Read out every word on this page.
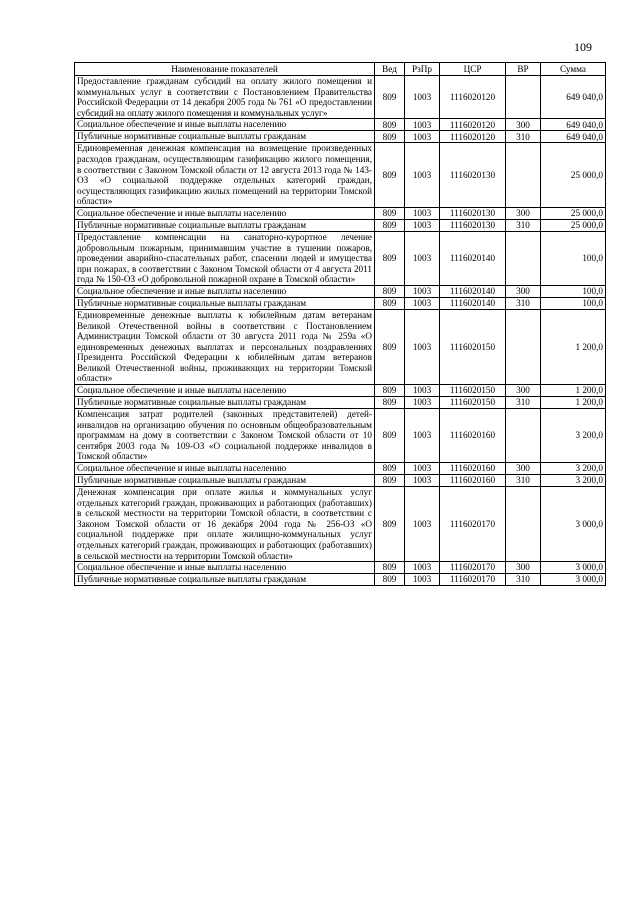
109
Наименование показателей	Вед	РзПр	ЦСР	ВР	Сумма
Предоставление гражданам субсидий на оплату жилого помещения и коммунальных услуг в соответствии с Постановлением Правительства Российской Федерации от 14 декабря 2005 года № 761 «О предоставлении субсидий на оплату жилого помещения и коммунальных услуг»	809	1003	1116020120		649 040,0
Социальное обеспечение и иные выплаты населению	809	1003	1116020120	300	649 040,0
Публичные нормативные социальные выплаты гражданам	809	1003	1116020120	310	649 040,0
Единовременная денежная компенсация на возмещение произведенных расходов гражданам, осуществляющим газификацию жилого помещения, в соответствии с Законом Томской области от 12 августа 2013 года № 143-ОЗ «О социальной поддержке отдельных категорий граждан, осуществляющих газификацию жилых помещений на территории Томской области»	809	1003	1116020130		25 000,0
Социальное обеспечение и иные выплаты населению	809	1003	1116020130	300	25 000,0
Публичные нормативные социальные выплаты гражданам	809	1003	1116020130	310	25 000,0
Предоставление компенсации на санаторно-курортное лечение добровольным пожарным, принимавшим участие в тушении пожаров, проведении аварийно-спасательных работ, спасении людей и имущества при пожарах, в соответствии с Законом Томской области от 4 августа 2011 года № 150-ОЗ «О добровольной пожарной охране в Томской области»	809	1003	1116020140		100,0
Социальное обеспечение и иные выплаты населению	809	1003	1116020140	300	100,0
Публичные нормативные социальные выплаты гражданам	809	1003	1116020140	310	100,0
Единовременные денежные выплаты к юбилейным датам ветеранам Великой Отечественной войны в соответствии с Постановлением Администрации Томской области от 30 августа 2011 года № 259а «О единовременных денежных выплатах и персональных поздравлениях Президента Российской Федерации к юбилейным датам ветеранов Великой Отечественной войны, проживающих на территории Томской области»	809	1003	1116020150		1 200,0
Социальное обеспечение и иные выплаты населению	809	1003	1116020150	300	1 200,0
Публичные нормативные социальные выплаты гражданам	809	1003	1116020150	310	1 200,0
Компенсация затрат родителей (законных представителей) детей-инвалидов на организацию обучения по основным общеобразовательным программам на дому в соответствии с Законом Томской области от 10 сентября 2003 года № 109-ОЗ «О социальной поддержке инвалидов в Томской области»	809	1003	1116020160		3 200,0
Социальное обеспечение и иные выплаты населению	809	1003	1116020160	300	3 200,0
Публичные нормативные социальные выплаты гражданам	809	1003	1116020160	310	3 200,0
Денежная компенсация при оплате жилья и коммунальных услуг отдельных категорий граждан, проживающих и работающих (работавших) в сельской местности на территории Томской области, в соответствии с Законом Томской области от 16 декабря 2004 года № 256-ОЗ «О социальной поддержке при оплате жилищно-коммунальных услуг отдельных категорий граждан, проживающих и работающих (работавших) в сельской местности на территории Томской области»	809	1003	1116020170		3 000,0
Социальное обеспечение и иные выплаты населению	809	1003	1116020170	300	3 000,0
Публичные нормативные социальные выплаты гражданам	809	1003	1116020170	310	3 000,0
